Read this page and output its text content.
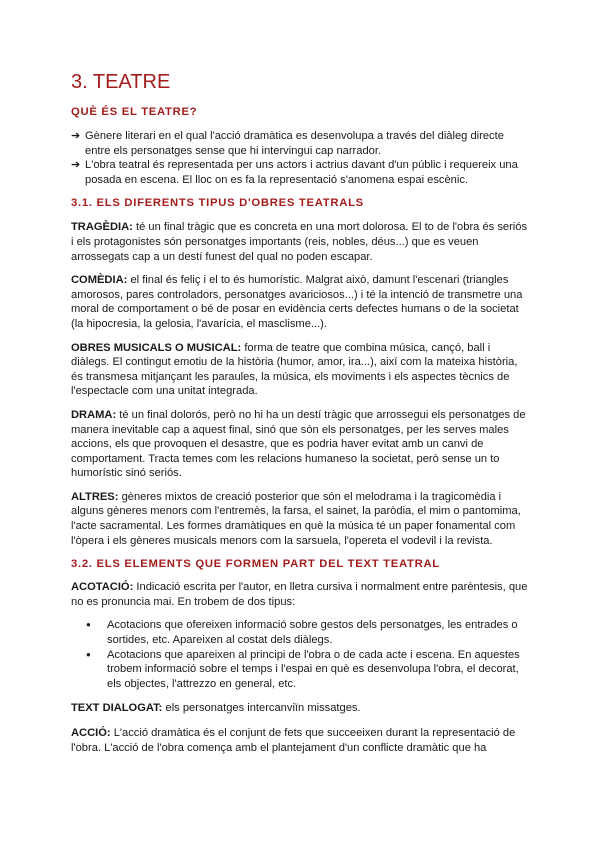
3. TEATRE
QUÈ ÉS EL TEATRE?
➔ Gènere literari en el qual l'acció dramàtica es desenvolupa a través del diàleg directe entre els personatges sense que hi intervingui cap narrador.
➔ L'obra teatral és representada per uns actors i actrius davant d'un públic i requereix una posada en escena. El lloc on es fa la representació s'anomena espai escènic.
3.1. ELS DIFERENTS TIPUS D'OBRES TEATRALS
TRAGÈDIA: té un final tràgic que es concreta en una mort dolorosa. El to de l'obra és seriós i els protagonistes són personatges importants (reis, nobles, déus...) que es veuen arrossegats cap a un destí funest del qual no poden escapar.
COMÈDIA: el final és feliç i el to és humorístic. Malgrat això, damunt l'escenari (triangles amorosos, pares controladors, personatges avariciosos...) i té la intenció de transmetre una moral de comportament o bé de posar en evidència certs defectes humans o de la societat (la hipocresia, la gelosia, l'avarícia, el masclisme...).
OBRES MUSICALS O MUSICAL: forma de teatre que combina música, cançó, ball i diàlegs. El contingut emotiu de la història (humor, amor, ira...), així com la mateixa història, és transmesa mitjançant les paraules, la música, els moviments i els aspectes tècnics de l'espectacle com una unitat integrada.
DRAMA: té un final dolorós, però no hi ha un destí tràgic que arrossegui els personatges de manera inevitable cap a aquest final, sinó que són els personatges, per les serves males accions, els que provoquen el desastre, que es podria haver evitat amb un canvi de comportament. Tracta temes com les relacions humaneso la societat, però sense un to humorístic sinó seriós.
ALTRES: gèneres mixtos de creació posterior que són el melodrama i la tragicomèdia i alguns gèneres menors com l'entremès, la farsa, el sainet, la paròdia, el mim o pantomima, l'acte sacramental. Les formes dramàtiques en què la música té un paper fonamental com l'òpera i els gèneres musicals menors com la sarsuela, l'opereta el vodevil i la revista.
3.2. ELS ELEMENTS QUE FORMEN PART DEL TEXT TEATRAL
ACOTACIÓ: Indicació escrita per l'autor, en lletra cursiva i normalment entre parèntesis, que no es pronuncia mai. En trobem de dos tipus:
● Acotacions que ofereixen informació sobre gestos dels personatges, les entrades o sortides, etc. Apareixen al costat dels diàlegs.
● Acotacions que apareixen al principi de l'obra o de cada acte i escena. En aquestes trobem informació sobre el temps i l'espai en què es desenvolupa l'obra, el decorat, els objectes, l'attrezzo en general, etc.
TEXT DIALOGAT: els personatges intercanviïn missatges.
ACCIÓ: L'acció dramàtica és el conjunt de fets que succeeixen durant la representació de l'obra. L'acció de l'obra comença amb el plantejament d'un conflicte dramàtic que ha
